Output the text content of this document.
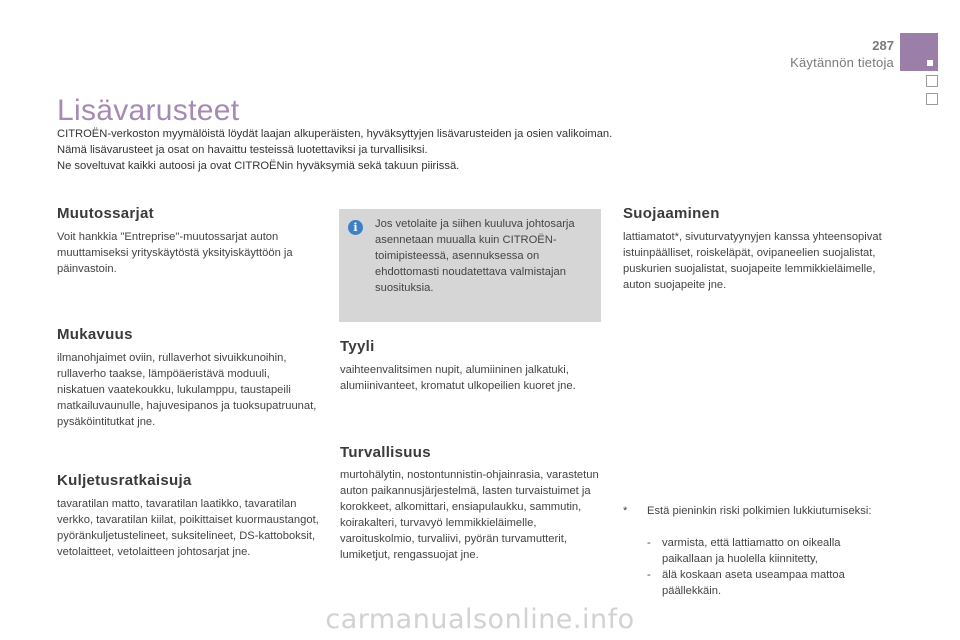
287
Käytännön tietoja
Lisävarusteet

CITROËN-verkoston myymälöistä löydät laajan alkuperäisten, hyväksyttyjen lisävarusteiden ja osien valikoiman.

Nämä lisävarusteet ja osat on havaittu testeissä luotettaviksi ja turvallisiksi.

Ne soveltuvat kaikki autoosi ja ovat CITROËNin hyväksymiä sekä takuun piirissä.

Muutossarjat
Voit hankkia "Entreprise"-muutossarjat auton muuttamiseksi yrityskäytöstä yksityiskäyttöön ja päinvastoin.
Mukavuus
ilmanohjaimet oviin, rullaverhot sivuikkunoihin, rullaverho taakse, lämpöäeristävä moduuli, niskatuen vaatekoukku, lukulamppu, taustapeili matkailuvaunulle, hajuvesipanos ja tuoksupatruunat, pysäköintitutkat jne.
Kuljetusratkaisuja
tavaratilan matto, tavaratilan laatikko, tavaratilan verkko, tavaratilan kiilat, poikittaiset kuormaustangot, pyöränkuljetustelineet, suksitelineet, DS-kattoboksit, vetolaitteet, vetolaitteen johtosarjat jne.
i	Jos vetolaite ja siihen kuuluva johtosarja asennetaan muualla kuin CITROËN-toimipisteessä, asennuksessa on ehdottomasti noudatettava valmistajan suosituksia.
Tyyli
vaihteenvalitsimen nupit, alumiininen jalkatuki, alumiinivanteet, kromatut ulkopeilien kuoret jne.
Turvallisuus
murtohälytin, nostontunnistin-ohjainrasia, varastetun auton paikannusjärjestelmä, lasten turvaistuimet ja korokkeet, alkomittari, ensiapulaukku, sammutin, koirakalteri, turvavyö lemmikkieläimelle, varoituskolmio, turvaliivi, pyörän turvamutterit, lumiketjut, rengassuojat jne.
Suojaaminen
lattiamatot*, sivuturvatyynyjen kanssa yhteensopivat istuinpäälliset, roiskeläpät, ovipaneelien suojalistat, puskurien suojalistat, suojapeite lemmikkieläimelle, auton suojapeite jne.
* Estä pieninkin riski polkimien lukkiutumiseksi:
- varmista, että lattiamatto on oikealla paikallaan ja huolella kiinnitetty,
- älä koskaan aseta useampaa mattoa päällekkäin.
carmanualsonline.info
